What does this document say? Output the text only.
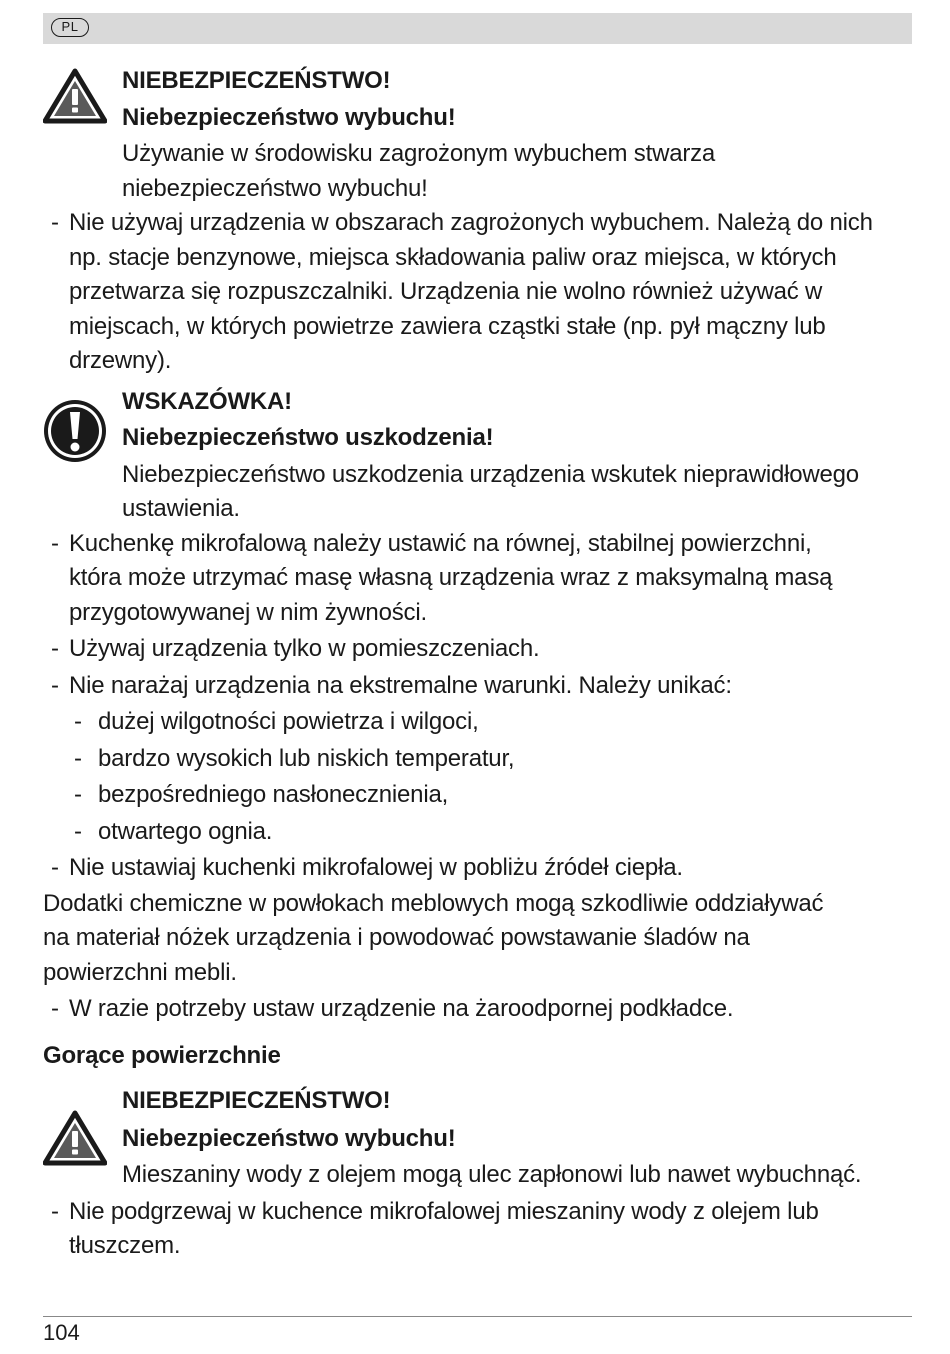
PL
NIEBEZPIECZEŃSTWO!
Niebezpieczeństwo wybuchu!
Używanie w środowisku zagrożonym wybuchem stwarza
niebezpieczeństwo wybuchu!
- Nie używaj urządzenia w obszarach zagrożonych wybuchem. Należą do nich
np. stacje benzynowe, miejsca składowania paliw oraz miejsca, w których
przetwarza się rozpuszczalniki. Urządzenia nie wolno również używać w
miejscach, w których powietrze zawiera cząstki stałe (np. pył mączny lub
drzewny).
WSKAZÓWKA!
Niebezpieczeństwo uszkodzenia!
Niebezpieczeństwo uszkodzenia urządzenia wskutek nieprawidłowego
ustawienia.
- Kuchenkę mikrofalową należy ustawić na równej, stabilnej powierzchni,
która może utrzymać masę własną urządzenia wraz z maksymalną masą
przygotowywanej w nim żywności.
- Używaj urządzenia tylko w pomieszczeniach.
- Nie narażaj urządzenia na ekstremalne warunki. Należy unikać:
- dużej wilgotności powietrza i wilgoci,
- bardzo wysokich lub niskich temperatur,
- bezpośredniego nasłonecznienia,
- otwartego ognia.
- Nie ustawiaj kuchenki mikrofalowej w pobliżu źródeł ciepła.
Dodatki chemiczne w powłokach meblowych mogą szkodliwie oddziaływać
na materiał nóżek urządzenia i powodować powstawanie śladów na
powierzchni mebli.
- W razie potrzeby ustaw urządzenie na żaroodpornej podkładce.
Gorące powierzchnie
NIEBEZPIECZEŃSTWO!
Niebezpieczeństwo wybuchu!
Mieszaniny wody z olejem mogą ulec zapłonowi lub nawet wybuchnąć.
- Nie podgrzewaj w kuchence mikrofalowej mieszaniny wody z olejem lub
tłuszczem.
104
